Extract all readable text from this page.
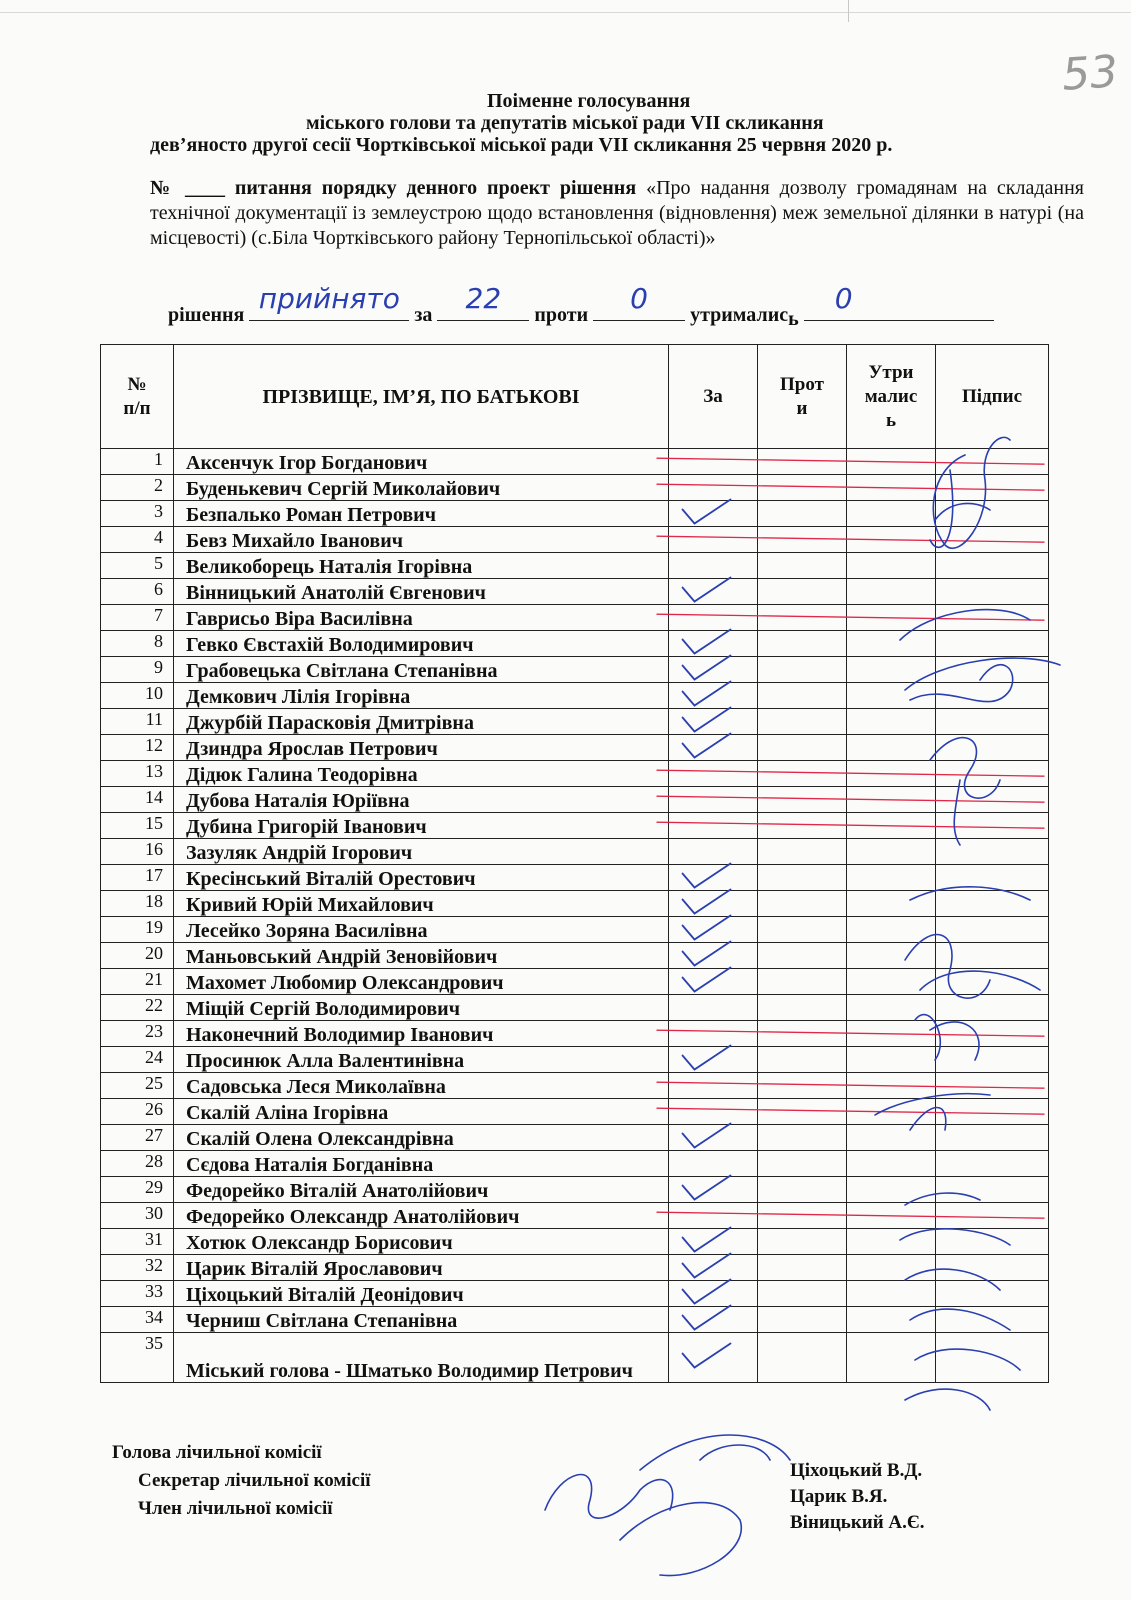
53
Поіменне голосування
міського голови та депутатів міської ради VII скликання
дев’яносто другої сесії Чортківської міської ради VII скликання 25 червня 2020 р.
№ ____ питання порядку денного проект рішення «Про надання дозволу громадянам на складання технічної документації із землеустрою щодо встановлення (відновлення) меж земельної ділянки в натурі (на місцевості) (с.Біла Чортківського району Тернопільської області)»
рішення прийнято за	22	проти	0	утримались
0
№
п/п	ПРІЗВИЩЕ, ІМ’Я, ПО БАТЬКОВІ	За	Прот
и	Утри
малис
ь	Підпис
1	Аксенчук Ігор Богданович				
2	Буденькевич Сергій Миколайович				
3	Безпалько Роман Петрович				
4	Бевз Михайло Іванович				
5	Великоборець Наталія Ігорівна				
6	Вінницький Анатолій Євгенович				
7	Гаврисьо Віра Василівна				
8	Гевко Євстахій Володимирович				
9	Грабовецька Світлана Степанівна				
10	Демкович Лілія Ігорівна				
11	Джурбій Парасковія Дмитрівна				
12	Дзиндра Ярослав Петрович				
13	Дідюк Галина Теодорівна				
14	Дубова Наталія Юріївна				
15	Дубина Григорій Іванович				
16	Зазуляк Андрій Ігорович				
17	Кресінський Віталій Орестович				
18	Кривий Юрій Михайлович				
19	Лесейко Зоряна Василівна				
20	Маньовський Андрій Зеновійович				
21	Махомет Любомир Олександрович				
22	Міщій Сергій Володимирович				
23	Наконечний Володимир Іванович				
24	Просинюк Алла Валентинівна				
25	Садовська Леся Миколаївна				
26	Скалій Аліна Ігорівна				
27	Скалій Олена Олександрівна				
28	Сєдова Наталія Богданівна				
29	Федорейко Віталій Анатолійович				
30	Федорейко Олександр Анатолійович				
31	Хотюк Олександр Борисович				
32	Царик Віталій Ярославович				
33	Ціхоцький Віталій Деонідович				
34	Черниш Світлана Степанівна				
35	Міський голова - Шматько Володимир Петрович				
Голова лічильної комісії
Секретар лічильної комісії
Член лічильної комісії
Ціхоцький В.Д.
Царик В.Я.
Віницький А.Є.
